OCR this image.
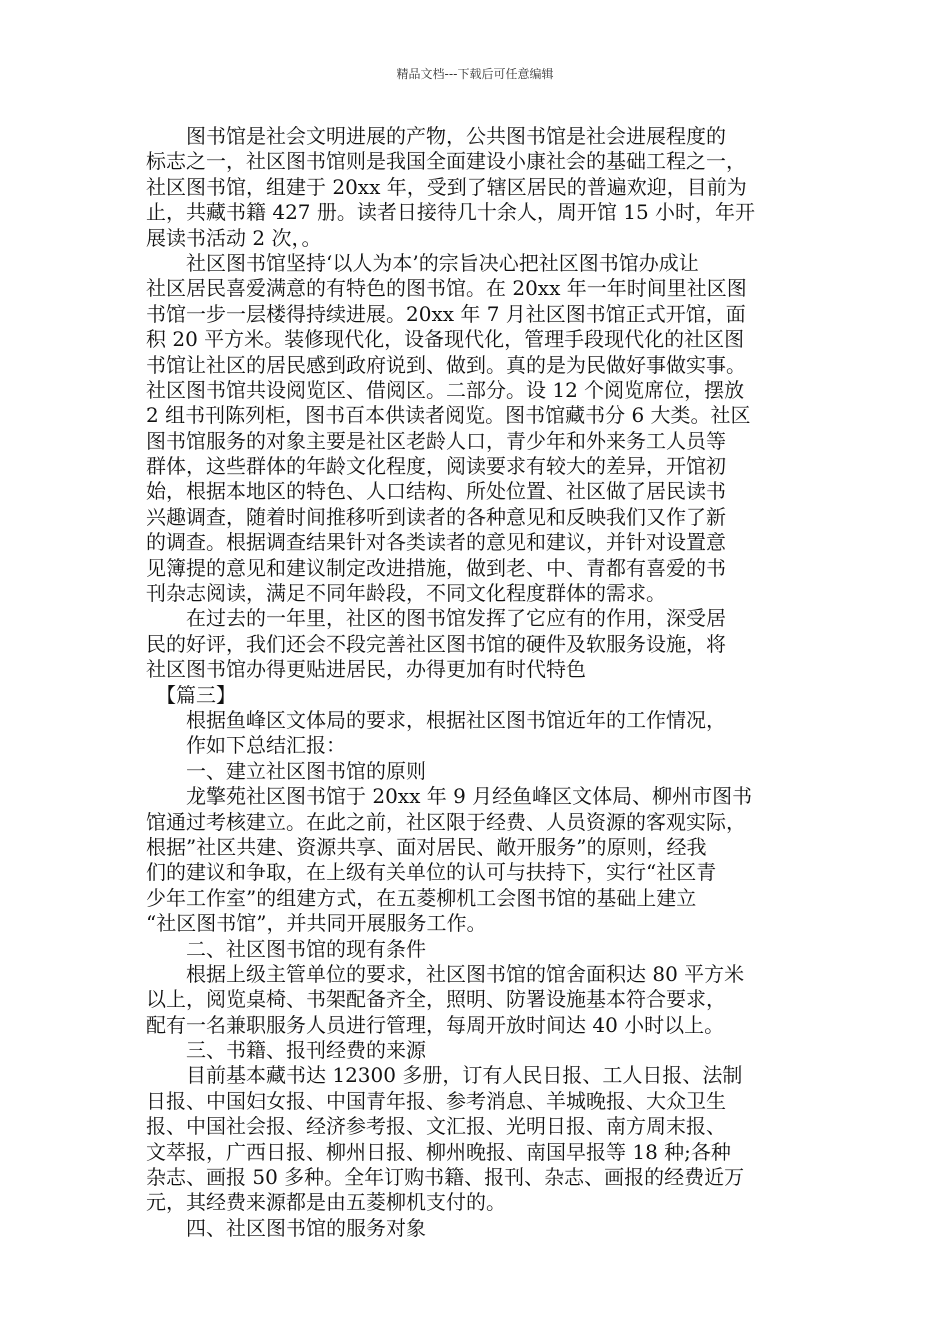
精品文档---下载后可任意编辑
　　图书馆是社会文明进展的产物，公共图书馆是社会进展程度的
标志之一，社区图书馆则是我国全面建设小康社会的基础工程之一，
社区图书馆，组建于 20xx 年，受到了辖区居民的普遍欢迎，目前为
止，共藏书籍 427 册。读者日接待几十余人，周开馆 15 小时，年开
展读书活动 2 次，。
　　社区图书馆坚持‘以人为本’的宗旨决心把社区图书馆办成让
社区居民喜爱满意的有特色的图书馆。在 20xx 年一年时间里社区图
书馆一步一层楼得持续进展。20xx 年 7 月社区图书馆正式开馆，面
积 20 平方米。装修现代化，设备现代化，管理手段现代化的社区图
书馆让社区的居民感到政府说到、做到。真的是为民做好事做实事。
社区图书馆共设阅览区、借阅区。二部分。设 12 个阅览席位，摆放
2 组书刊陈列柜，图书百本供读者阅览。图书馆藏书分 6 大类。社区
图书馆服务的对象主要是社区老龄人口，青少年和外来务工人员等
群体，这些群体的年龄文化程度，阅读要求有较大的差异，开馆初
始，根据本地区的特色、人口结构、所处位置、社区做了居民读书
兴趣调查，随着时间推移听到读者的各种意见和反映我们又作了新
的调查。根据调查结果针对各类读者的意见和建议，并针对设置意
见簿提的意见和建议制定改进措施，做到老、中、青都有喜爱的书
刊杂志阅读，满足不同年龄段，不同文化程度群体的需求。
　　在过去的一年里，社区的图书馆发挥了它应有的作用，深受居
民的好评，我们还会不段完善社区图书馆的硬件及软服务设施，将
社区图书馆办得更贴进居民，办得更加有时代特色
　【篇三】
　　根据鱼峰区文体局的要求，根据社区图书馆近年的工作情况，
　　作如下总结汇报：
　　一、建立社区图书馆的原则
　　龙擎苑社区图书馆于 20xx 年 9 月经鱼峰区文体局、柳州市图书
馆通过考核建立。在此之前，社区限于经费、人员资源的客观实际，
根据”社区共建、资源共享、面对居民、敞开服务”的原则，经我
们的建议和争取，在上级有关单位的认可与扶持下，实行“社区青
少年工作室”的组建方式，在五菱柳机工会图书馆的基础上建立
“社区图书馆”，并共同开展服务工作。
　　二、社区图书馆的现有条件
　　根据上级主管单位的要求，社区图书馆的馆舍面积达 80 平方米
以上，阅览桌椅、书架配备齐全，照明、防署设施基本符合要求，
配有一名兼职服务人员进行管理，每周开放时间达 40 小时以上。
　　三、书籍、报刊经费的来源
　　目前基本藏书达 12300 多册，订有人民日报、工人日报、法制
日报、中国妇女报、中国青年报、参考消息、羊城晚报、大众卫生
报、中国社会报、经济参考报、文汇报、光明日报、南方周末报、
文萃报，广西日报、柳州日报、柳州晚报、南国早报等 18 种;各种
杂志、画报 50 多种。全年订购书籍、报刊、杂志、画报的经费近万
元，其经费来源都是由五菱柳机支付的。
　　四、社区图书馆的服务对象
